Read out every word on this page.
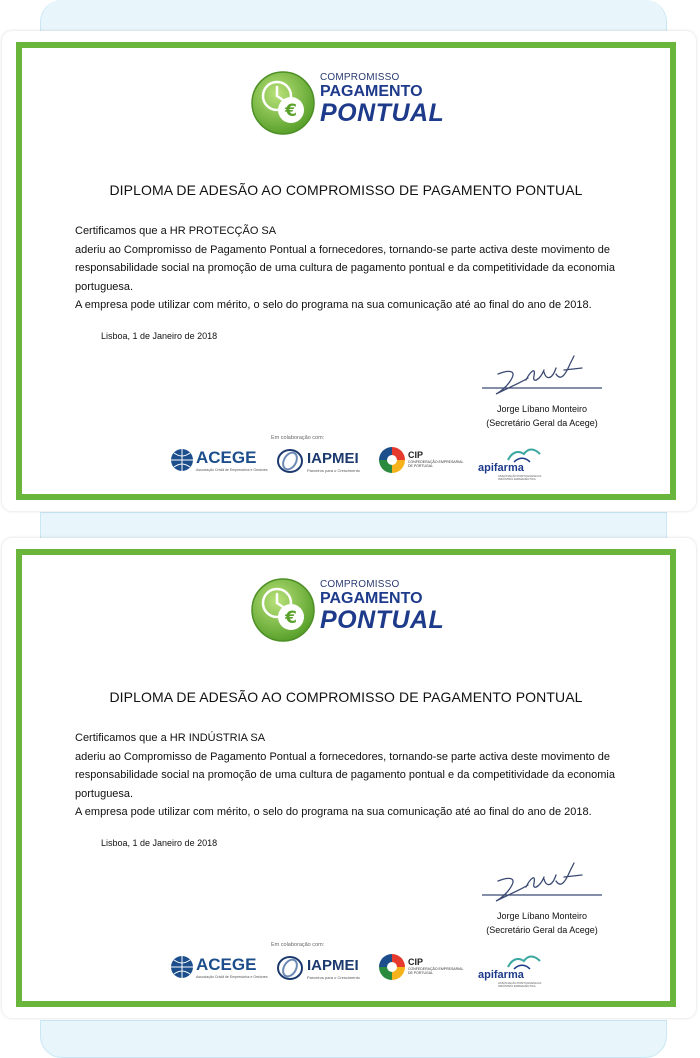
€
COMPROMISSO
PAGAMENTO
PONTUAL
DIPLOMA DE ADESÃO AO COMPROMISSO DE PAGAMENTO PONTUAL

Certificamos que a HR PROTECÇÃO SA

aderiu ao Compromisso de Pagamento Pontual a fornecedores, tornando-se parte activa deste movimento de responsabilidade social na promoção de uma cultura de pagamento pontual e da competitividade da economia portuguesa.

A empresa pode utilizar com mérito, o selo do programa na sua comunicação até ao final do ano de 2018.

Lisboa, 1 de Janeiro de 2018
Jorge Líbano Monteiro
(Secretário Geral da Acege)
Em colaboração com:
ACEGE
Associação Cristã de Empresários e Gestores
IAPMEI
Parceiros para o Crescimento
CIP
CONFEDERAÇÃO EMPRESARIAL DE PORTUGAL	apifarma
ASSOCIAÇÃO PORTUGUESA DA INDÚSTRIA FARMACÊUTICA
€
COMPROMISSO
PAGAMENTO
PONTUAL
DIPLOMA DE ADESÃO AO COMPROMISSO DE PAGAMENTO PONTUAL

Certificamos que a HR INDÚSTRIA SA

aderiu ao Compromisso de Pagamento Pontual a fornecedores, tornando-se parte activa deste movimento de responsabilidade social na promoção de uma cultura de pagamento pontual e da competitividade da economia portuguesa.

A empresa pode utilizar com mérito, o selo do programa na sua comunicação até ao final do ano de 2018.

Lisboa, 1 de Janeiro de 2018
Jorge Líbano Monteiro
(Secretário Geral da Acege)
Em colaboração com:
ACEGE
Associação Cristã de Empresários e Gestores
IAPMEI
Parceiros para o Crescimento
CIP
CONFEDERAÇÃO EMPRESARIAL DE PORTUGAL	apifarma
ASSOCIAÇÃO PORTUGUESA DA INDÚSTRIA FARMACÊUTICA
